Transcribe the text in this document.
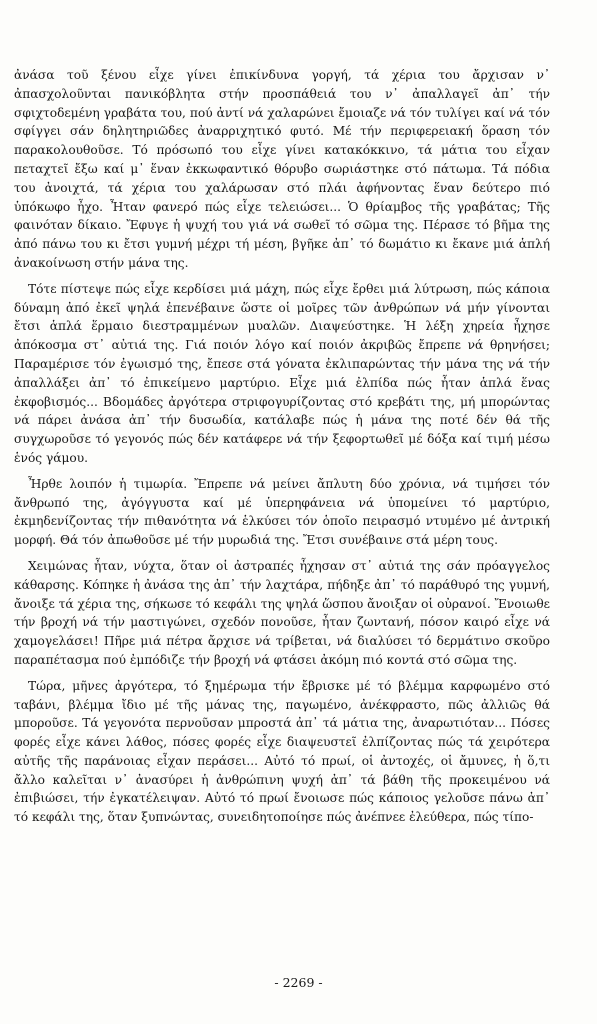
ἀνάσα τοῦ ξένου εἶχε γίνει ἐπικίνδυνα γοργή, τά χέρια του ἄρχισαν ν᾽ ἀπασχολοῦνται πανικόβλητα στήν προσπάθειά του ν᾽ ἀπαλλαγεῖ ἀπ᾽ τήν σφιχτοδεμένη γραβάτα του, πού ἀντί νά χαλαρώνει ἔμοιαζε νά τόν τυλίγει καί νά τόν σφίγγει σάν δηλητηριῶδες ἀναρριχητικό φυτό. Μέ τήν περιφερειακή ὅραση τόν παρακολουθοῦσε. Τό πρόσωπό του εἶχε γίνει κατακόκκινο, τά μάτια του εἶχαν πεταχτεῖ ἔξω καί μ᾽ ἕναν ἐκκωφαντικό θόρυβο σωριάστηκε στό πάτωμα. Τά πόδια του ἀνοιχτά, τά χέρια του χαλάρωσαν στό πλάι ἀφήνοντας ἕναν δεύτερο πιό ὑπόκωφο ἦχο. Ἦταν φανερό πώς εἶχε τελειώσει... Ὁ θρίαμβος τῆς γραβάτας; Τῆς φαινόταν δίκαιο. Ἔφυγε ἡ ψυχή του γιά νά σωθεῖ τό σῶμα της. Πέρασε τό βῆμα της ἀπό πάνω του κι ἔτσι γυμνή μέχρι τή μέση, βγῆκε ἀπ᾽ τό δωμάτιο κι ἔκανε μιά ἁπλή ἀνακοίνωση στήν μάνα της.

Τότε πίστεψε πώς εἶχε κερδίσει μιά μάχη, πώς εἶχε ἔρθει μιά λύτρωση, πώς κάποια δύναμη ἀπό ἐκεῖ ψηλά ἐπενέβαινε ὥστε οἱ μοῖρες τῶν ἀνθρώπων νά μήν γίνονται ἔτσι ἁπλά ἕρμαιο διεστραμμένων μυαλῶν. Διαψεύστηκε. Ἡ λέξη χηρεία ἦχησε ἀπόκοσμα στ᾽ αὐτιά της. Γιά ποιόν λόγο καί ποιόν ἀκριβῶς ἔπρεπε νά θρηνήσει; Παραμέρισε τόν ἐγωισμό της, ἔπεσε στά γόνατα ἐκλιπαρώντας τήν μάνα της νά τήν ἀπαλλάξει ἀπ᾽ τό ἐπικείμενο μαρτύριο. Εἶχε μιά ἐλπίδα πώς ἦταν ἁπλά ἕνας ἐκφοβισμός... Βδομάδες ἀργότερα στριφογυρίζοντας στό κρεβάτι της, μή μπορώντας νά πάρει ἀνάσα ἀπ᾽ τήν δυσωδία, κατάλαβε πώς ἡ μάνα της ποτέ δέν θά τῆς συγχωροῦσε τό γεγονός πώς δέν κατάφερε νά τήν ξεφορτωθεῖ μέ δόξα καί τιμή μέσω ἑνός γάμου.

Ἦρθε λοιπόν ἡ τιμωρία. Ἔπρεπε νά μείνει ἄπλυτη δύο χρόνια, νά τιμήσει τόν ἄνθρωπό της, ἀγόγγυστα καί μέ ὑπερηφάνεια νά ὑπομείνει τό μαρτύριο, ἐκμηδενίζοντας τήν πιθανότητα νά ἑλκύσει τόν ὁποῖο πειρασμό ντυμένο μέ ἀντρική μορφή. Θά τόν ἀπωθοῦσε μέ τήν μυρωδιά της. Ἔτσι συνέβαινε στά μέρη τους.

Χειμώνας ἦταν, νύχτα, ὅταν οἱ ἀστραπές ἦχησαν στ᾽ αὐτιά της σάν πρόαγγελος κάθαρσης. Κόπηκε ἡ ἀνάσα της ἀπ᾽ τήν λαχτάρα, πήδηξε ἀπ᾽ τό παράθυρό της γυμνή, ἄνοιξε τά χέρια της, σήκωσε τό κεφάλι της ψηλά ὥσπου ἄνοιξαν οἱ οὐρανοί. Ἔνοιωθε τήν βροχή νά τήν μαστιγώνει, σχεδόν πονοῦσε, ἦταν ζωντανή, πόσον καιρό εἶχε νά χαμογελάσει! Πῆρε μιά πέτρα ἄρχισε νά τρίβεται, νά διαλύσει τό δερμάτινο σκοῦρο παραπέτασμα πού ἐμπόδιζε τήν βροχή νά φτάσει ἀκόμη πιό κοντά στό σῶμα της.

Τώρα, μῆνες ἀργότερα, τό ξημέρωμα τήν ἔβρισκε μέ τό βλέμμα καρφωμένο στό ταβάνι, βλέμμα ἴδιο μέ τῆς μάνας της, παγωμένο, ἀνέκφραστο, πῶς ἀλλιῶς θά μποροῦσε. Τά γεγονότα περνοῦσαν μπροστά ἀπ᾽ τά μάτια της, ἀναρωτιόταν... Πόσες φορές εἶχε κάνει λάθος, πόσες φορές εἶχε διαψευστεῖ ἐλπίζοντας πώς τά χειρότερα αὐτῆς τῆς παράνοιας εἶχαν περάσει... Αὐτό τό πρωί, οἱ ἀντοχές, οἱ ἄμυνες, ἡ ὅ,τι ἄλλο καλεῖται ν᾽ ἀνασύρει ἡ ἀνθρώπινη ψυχή ἀπ᾽ τά βάθη τῆς προκειμένου νά ἐπιβιώσει, τήν ἐγκατέλειψαν. Αὐτό τό πρωί ἔνοιωσε πώς κάποιος γελοῦσε πάνω ἀπ᾽ τό κεφάλι της, ὅταν ξυπνώντας, συνειδητοποίησε πώς ἀνέπνεε ἐλεύθερα, πώς τίπο-

- 2269 -
